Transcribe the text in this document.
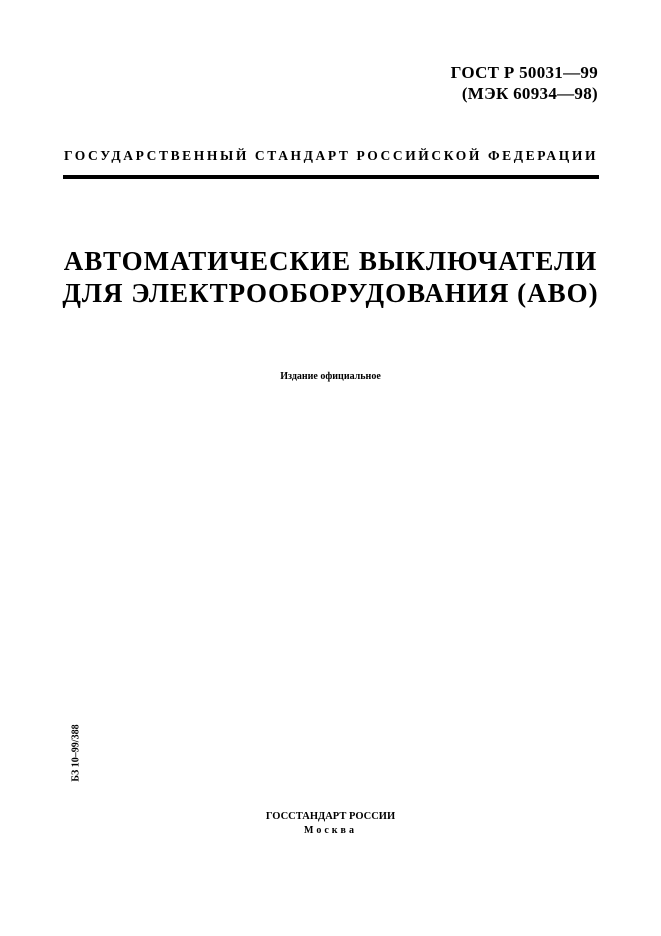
ГОСТ Р 50031—99
(МЭК 60934—98)
ГОСУДАРСТВЕННЫЙ СТАНДАРТ РОССИЙСКОЙ ФЕДЕРАЦИИ
АВТОМАТИЧЕСКИЕ ВЫКЛЮЧАТЕЛИ
ДЛЯ ЭЛЕКТРООБОРУДОВАНИЯ (АВО)
Издание официальное
БЗ 10–99/388
ГОССТАНДАРТ РОССИИ
Москва
